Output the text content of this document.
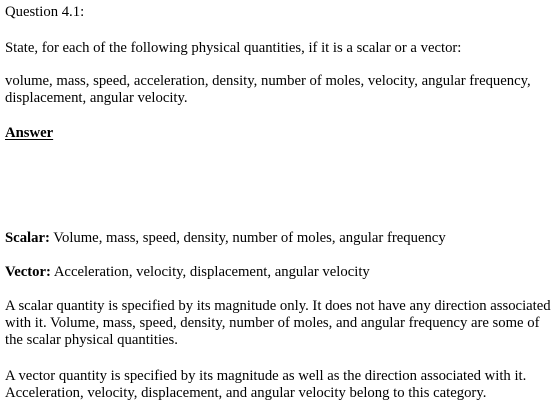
Question 4.1:
State, for each of the following physical quantities, if it is a scalar or a vector:
volume, mass, speed, acceleration, density, number of moles, velocity, angular frequency, displacement, angular velocity.
Answer
Scalar: Volume, mass, speed, density, number of moles, angular frequency
Vector: Acceleration, velocity, displacement, angular velocity
A scalar quantity is specified by its magnitude only. It does not have any direction associated with it. Volume, mass, speed, density, number of moles, and angular frequency are some of the scalar physical quantities.
A vector quantity is specified by its magnitude as well as the direction associated with it. Acceleration, velocity, displacement, and angular velocity belong to this category.
